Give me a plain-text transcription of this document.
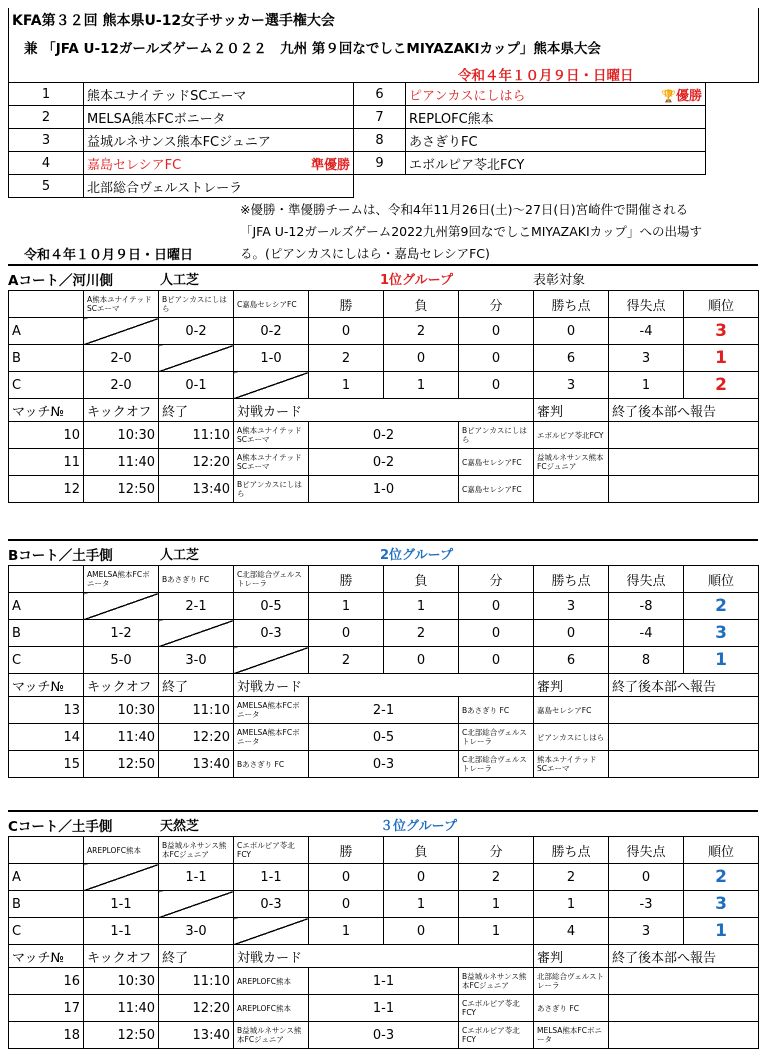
KFA第３２回 熊本県U-12女子サッカー選手権大会
兼 「JFA U-12ガールズゲーム２０２２　九州 第９回なでしこMIYAZAKIカップ」熊本県大会
令和４年１０月９日・日曜日
1	熊本ユナイテッドSCエーマ	6	ピアンカスにしはら 🏆優勝

2	MELSA熊本FCボニータ	7	REPLOFC熊本
3	益城ルネサンス熊本FCジュニア	8	あさぎりFC
4	嘉島セレシアFC 準優勝	9	エボルピア苓北FCY
5	北部総合ヴェルストレーラ		
※優勝・準優勝チームは、令和4年11月26日(土)～27日(日)宮崎件で開催される
「JFA U-12ガールズゲーム2022九州第9回なでしこMIYAZAKIカップ」への出場す
る。(ピアンカスにしはら・嘉島セレシアFC)
令和４年１０月９日・日曜日
Aコート／河川側	人工芝	1位グループ	表彰対象
	A熊本ユナイテッドSCエーマ	Bピアンカスにしはら	C嘉島セレシアFC	勝	負	分	勝ち点	得失点	順位
A		0-2	0-2	0	2	0	0	-4	3
B	2-0		1-0	2	0	0	6	3	1
C	2-0	0-1		1	1	0	3	1	2
マッチ№	キックオフ	終了	対戦カード				審判	終了後本部へ報告	
10	10:30	11:10	A熊本ユナイテッドSCエーマ	0-2		Bピアンカスにしはら	エボルピア苓北FCY		
11	11:40	12:20	A熊本ユナイテッドSCエーマ	0-2		C嘉島セレシアFC	益城ルネサンス熊本FCジュニア		
12	12:50	13:40	Bピアンカスにしはら	1-0		C嘉島セレシアFC			
Bコート／土手側	人工芝	2位グループ
	AMELSA熊本FCボニータ	Bあさぎり FC	C北部総合ヴェルストレーラ	勝	負	分	勝ち点	得失点	順位
A		2-1	0-5	1	1	0	3	-8	2
B	1-2		0-3	0	2	0	0	-4	3
C	5-0	3-0		2	0	0	6	8	1
マッチ№	キックオフ	終了	対戦カード				審判	終了後本部へ報告	
13	10:30	11:10	AMELSA熊本FCボニータ	2-1		Bあさぎり FC	嘉島セレシアFC		
14	11:40	12:20	AMELSA熊本FCボニータ	0-5		C北部総合ヴェルストレーラ	ピアンカスにしはら		
15	12:50	13:40	Bあさぎり FC	0-3		C北部総合ヴェルストレーラ	熊本ユナイテッドSCエーマ		
Cコート／土手側	天然芝	３位グループ
	AREPLOFC熊本	B益城ルネサンス熊本FCジュニア	Cエボルピア苓北FCY	勝	負	分	勝ち点	得失点	順位
A		1-1	1-1	0	0	2	2	0	2
B	1-1		0-3	0	1	1	1	-3	3
C	1-1	3-0		1	0	1	4	3	1
マッチ№	キックオフ	終了	対戦カード				審判	終了後本部へ報告	
16	10:30	11:10	AREPLOFC熊本	1-1		B益城ルネサンス熊本FCジュニア	北部総合ヴェルストレーラ		
17	11:40	12:20	AREPLOFC熊本	1-1		Cエボルピア苓北FCY	あさぎり FC		
18	12:50	13:40	B益城ルネサンス熊本FCジュニア	0-3		Cエボルピア苓北FCY	MELSA熊本FCボニータ		
